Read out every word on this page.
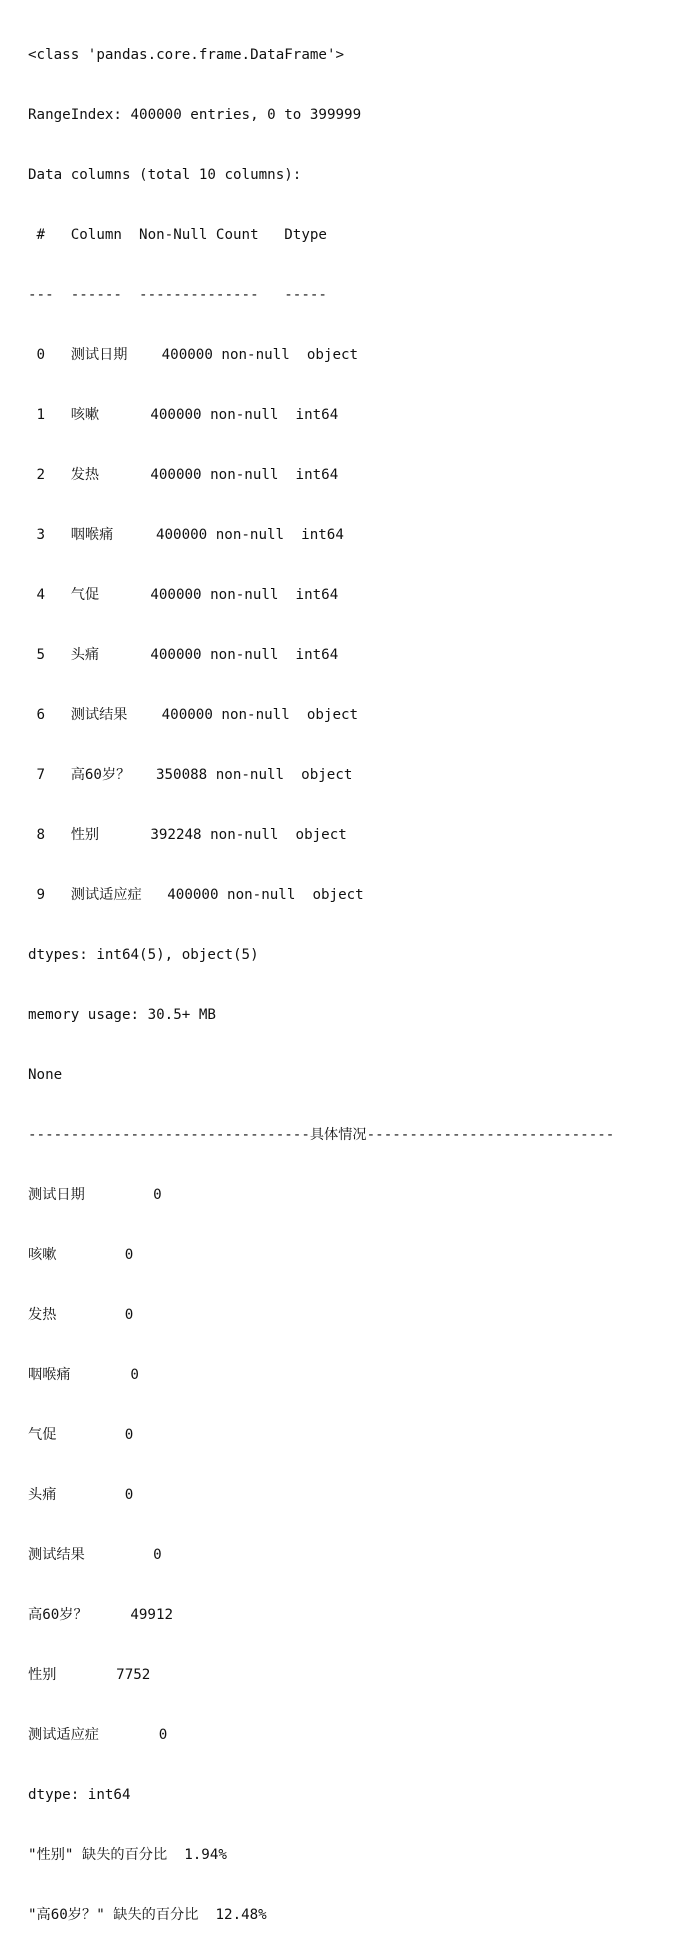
<class 'pandas.core.frame.DataFrame'>

RangeIndex: 400000 entries, 0 to 399999

Data columns (total 10 columns):

#   Column  Non-Null Count   Dtype

---  ------  --------------   -----

0   测试日期    400000 non-null  object

1   咳嗽      400000 non-null  int64

2   发热      400000 non-null  int64

3   咽喉痛     400000 non-null  int64

4   气促      400000 non-null  int64

5   头痛      400000 non-null  int64

6   测试结果    400000 non-null  object

7   高60岁？   350088 non-null  object

8   性别      392248 non-null  object

9   测试适应症   400000 non-null  object

dtypes: int64(5), object(5)

memory usage: 30.5+ MB

None

---------------------------------具体情况-----------------------------

测试日期        0

咳嗽        0

发热        0

咽喉痛       0

气促        0

头痛        0

测试结果        0

高60岁？     49912

性别       7752

测试适应症       0

dtype: int64

"性别" 缺失的百分比  1.94%

"高60岁？" 缺失的百分比  12.48%
